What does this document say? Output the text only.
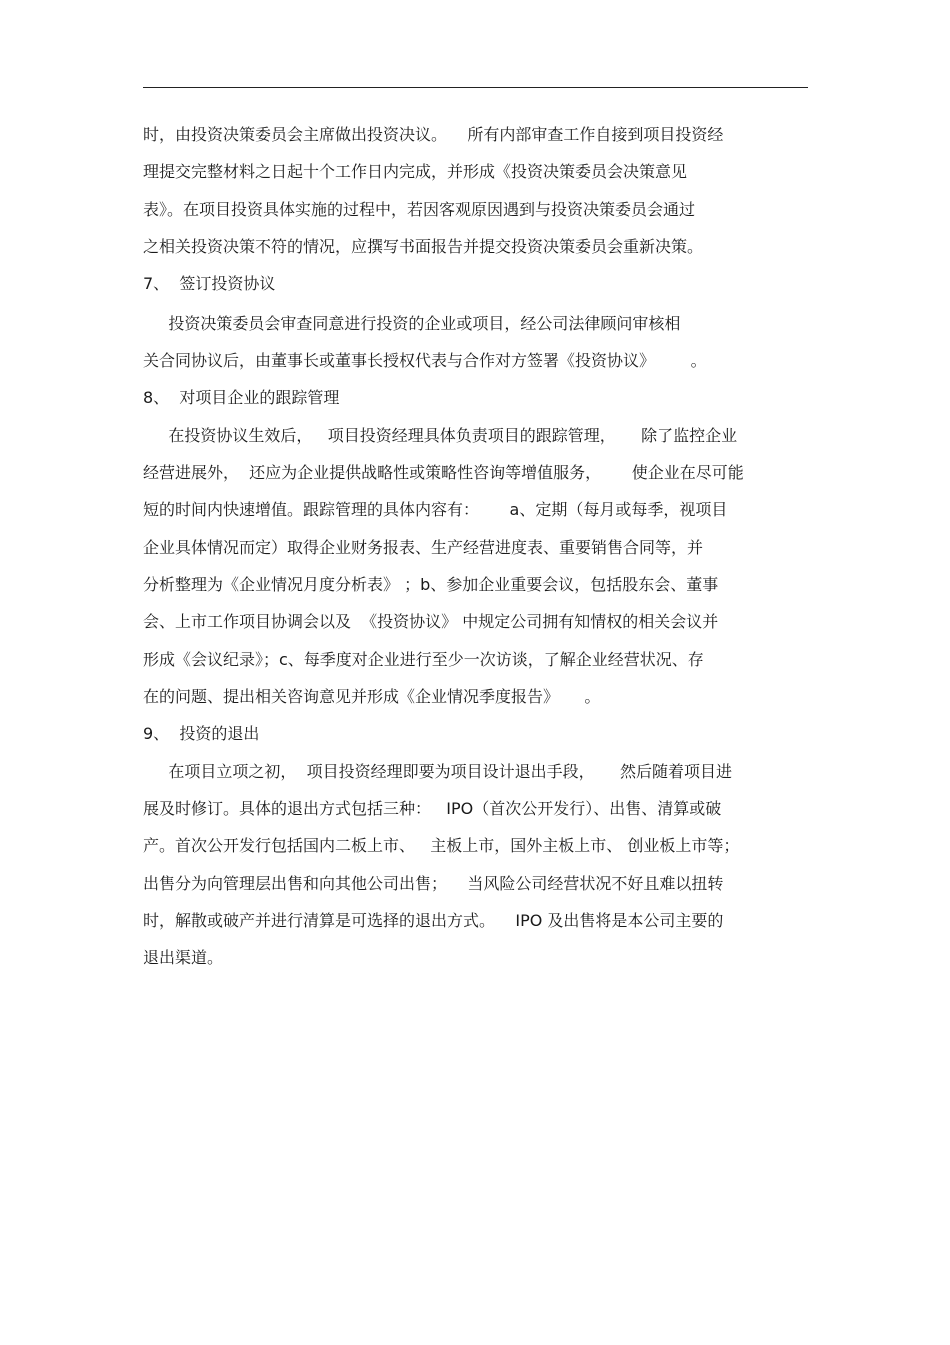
时，由投资决策委员会主席做出投资决议。    所有内部审查工作自接到项目投资经
理提交完整材料之日起十个工作日内完成，并形成《投资决策委员会决策意见
表》。在项目投资具体实施的过程中，若因客观原因遇到与投资决策委员会通过
之相关投资决策不符的情况，应撰写书面报告并提交投资决策委员会重新决策。
7、  签订投资协议
投资决策委员会审查同意进行投资的企业或项目，经公司法律顾问审核相
关合同协议后，由董事长或董事长授权代表与合作对方签署《投资协议》       。
8、  对项目企业的跟踪管理
在投资协议生效后，   项目投资经理具体负责项目的跟踪管理，     除了监控企业
经营进展外，  还应为企业提供战略性或策略性咨询等增值服务，      使企业在尽可能
短的时间内快速增值。跟踪管理的具体内容有：      a、定期（每月或每季，视项目
企业具体情况而定）取得企业财务报表、生产经营进度表、重要销售合同等，并
分析整理为《企业情况月度分析表》 ；b、参加企业重要会议，包括股东会、董事
会、上市工作项目协调会以及  《投资协议》 中规定公司拥有知情权的相关会议并
形成《会议纪录》；c、每季度对企业进行至少一次访谈，了解企业经营状况、存
在的问题、提出相关咨询意见并形成《企业情况季度报告》     。
9、  投资的退出
在项目立项之初，  项目投资经理即要为项目设计退出手段，     然后随着项目进
展及时修订。具体的退出方式包括三种：   IPO（首次公开发行）、出售、清算或破
产。首次公开发行包括国内二板上市、   主板上市，国外主板上市、 创业板上市等；
出售分为向管理层出售和向其他公司出售；    当风险公司经营状况不好且难以扭转
时，解散或破产并进行清算是可选择的退出方式。    IPO 及出售将是本公司主要的
退出渠道。
